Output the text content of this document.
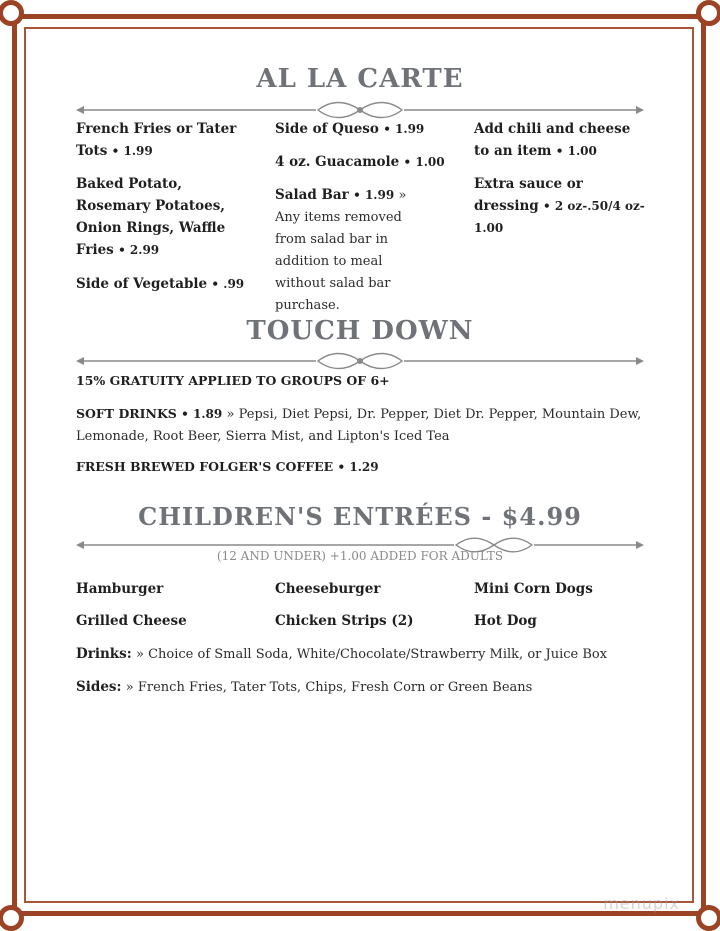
AL LA CARTE
French Fries or Tater Tots • 1.99
Baked Potato, Rosemary Potatoes, Onion Rings, Waffle Fries • 2.99
Side of Vegetable • .99
Side of Queso • 1.99
4 oz. Guacamole • 1.00
Salad Bar • 1.99 » Any items removed from salad bar in addition to meal without salad bar purchase.
Add chili and cheese to an item • 1.00
Extra sauce or dressing • 2 oz-.50/4 oz-1.00
TOUCH DOWN
15% GRATUITY APPLIED TO GROUPS OF 6+
SOFT DRINKS • 1.89 » Pepsi, Diet Pepsi, Dr. Pepper, Diet Dr. Pepper, Mountain Dew, Lemonade, Root Beer, Sierra Mist, and Lipton's Iced Tea
FRESH BREWED FOLGER'S COFFEE • 1.29
CHILDREN'S ENTRÉES - $4.99
(12 AND UNDER) +1.00 ADDED FOR ADULTS
Hamburger	Cheeseburger	Mini Corn Dogs
Grilled Cheese	Chicken Strips (2)	Hot Dog
Drinks: » Choice of Small Soda, White/Chocolate/Strawberry Milk, or Juice Box
Sides: » French Fries, Tater Tots, Chips, Fresh Corn or Green Beans
menupix
